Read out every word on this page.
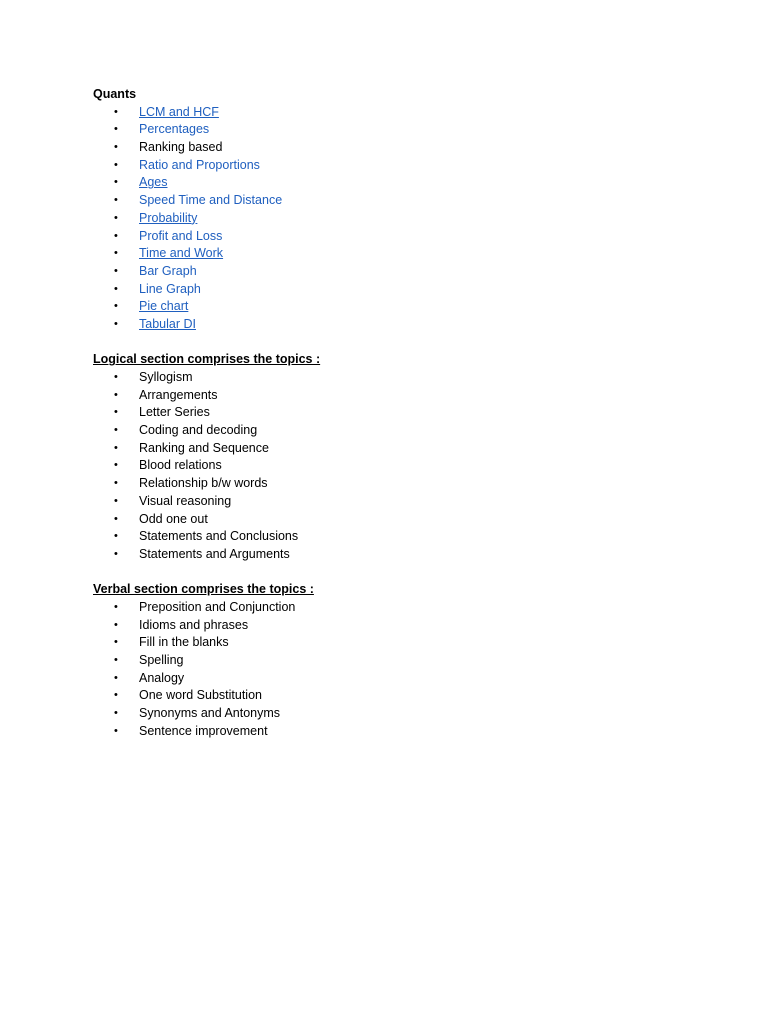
Quants
• LCM and HCF
• Percentages
• Ranking based
• Ratio and Proportions
• Ages
• Speed Time and Distance
• Probability
• Profit and Loss
• Time and Work
• Bar Graph
• Line Graph
• Pie chart
• Tabular DI
Logical section comprises the topics :
• Syllogism
• Arrangements
• Letter Series
• Coding and decoding
• Ranking and Sequence
• Blood relations
• Relationship b/w words
• Visual reasoning
• Odd one out
• Statements and Conclusions
• Statements and Arguments
Verbal section comprises the topics :
• Preposition and Conjunction
• Idioms and phrases
• Fill in the blanks
• Spelling
• Analogy
• One word Substitution
• Synonyms and Antonyms
• Sentence improvement
